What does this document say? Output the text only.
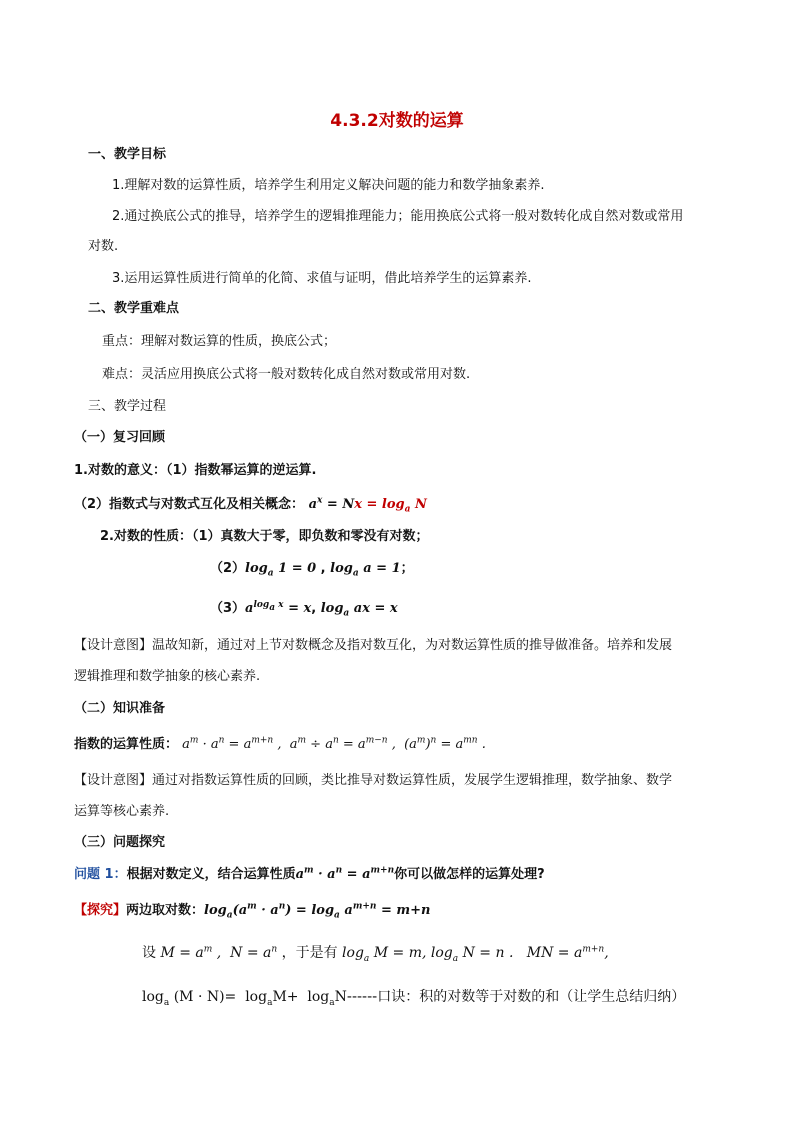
4.3.2对数的运算
一、教学目标
1.理解对数的运算性质，培养学生利用定义解决问题的能力和数学抽象素养.
2.通过换底公式的推导，培养学生的逻辑推理能力；能用换底公式将一般对数转化成自然对数或常用
对数.
3.运用运算性质进行简单的化简、求值与证明，借此培养学生的运算素养.
二、教学重难点
重点：理解对数运算的性质，换底公式；
难点：灵活应用换底公式将一般对数转化成自然对数或常用对数.
三、教学过程
（一）复习回顾
1.对数的意义：（1）指数幂运算的逆运算.
（2）指数式与对数式互化及相关概念： $a^x = Nx = \log_a N$
2.对数的性质：（1）真数大于零，即负数和零没有对数；
$(2)\log_a$ 1 = 0 , $\log_a a = 1$；
$(3)a^{log_a x} = x$, $\log_a$ ax = x
【设计意图】温故知新，通过对上节对数概念及指对数互化，为对数运算性质的推导做准备。培养和发展
逻辑推理和数学抽象的核心素养.
（二）知识准备
指数的运算性质： $a^m \cdot a^n = a^{m+n}$ ,  $a^m \div a^n = a^{m-n}$ ,  $(a^m)^n = a^{mn}$ .
【设计意图】通过对指数运算性质的回顾，类比推导对数运算性质，发展学生逻辑推理，数学抽象、数学
运算等核心素养.
（三）问题探究
问题 1：根据对数定义，结合运算性质$a^m \cdot a^n = a^{m+n}$你可以做怎样的运算处理?
【探究】两边取对数：$\log_a(a^m \cdot a^n) = \log_a a^{m+n} = m+n$
设 $M = a^m$ ,  $N = a^n$ ，于是有 $\log_a M = m$, $\log_a N = n$ .   MN = $a^{m+n}$,
$\log_a (M \cdot N)= \log_aM+ \log_aN------$口诀：积的对数等于对数的和（让学生总结归纳）
